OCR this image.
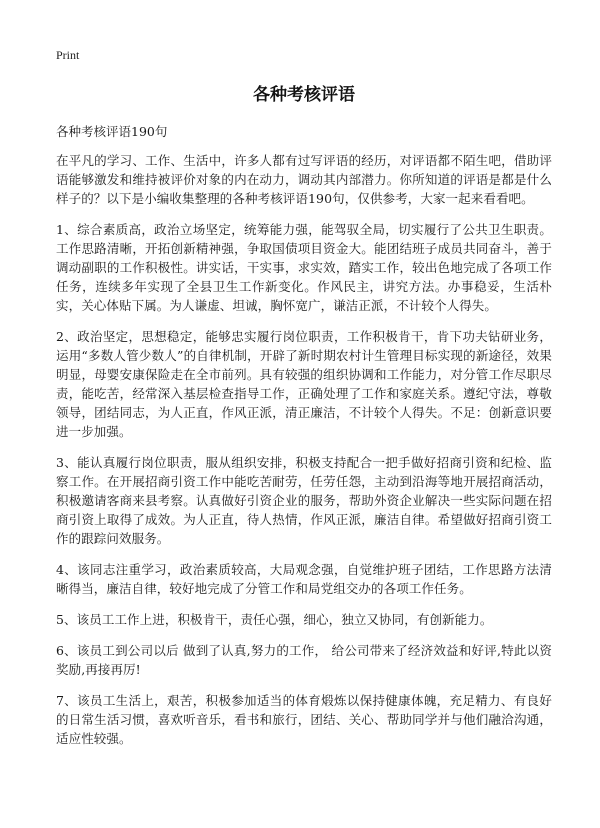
Print
各种考核评语

各种考核评语190句

在平凡的学习、工作、生活中，许多人都有过写评语的经历，对评语都不陌生吧，借助评语能够激发和维持被评价对象的内在动力，调动其内部潜力。你所知道的评语是都是什么样子的？以下是小编收集整理的各种考核评语190句，仅供参考，大家一起来看看吧。

1、综合素质高，政治立场坚定，统筹能力强，能驾驭全局，切实履行了公共卫生职责。工作思路清晰，开拓创新精神强，争取国债项目资金大。能团结班子成员共同奋斗，善于调动副职的工作积极性。讲实话，干实事，求实效，踏实工作，较出色地完成了各项工作任务，连续多年实现了全县卫生工作新变化。作风民主，讲究方法。办事稳妥，生活朴实，关心体贴下属。为人谦虚、坦诚，胸怀宽广，谦洁正派，不计较个人得失。

2、政治坚定，思想稳定，能够忠实履行岗位职责，工作积极肯干，肯下功夫钻研业务，运用“多数人管少数人”的自律机制，开辟了新时期农村计生管理目标实现的新途径，效果明显，母婴安康保险走在全市前列。具有较强的组织协调和工作能力，对分管工作尽职尽责，能吃苦，经常深入基层检查指导工作，正确处理了工作和家庭关系。遵纪守法，尊敬领导，团结同志，为人正直，作风正派，清正廉洁，不计较个人得失。不足：创新意识要进一步加强。

3、能认真履行岗位职责，服从组织安排，积极支持配合一把手做好招商引资和纪检、监察工作。在开展招商引资工作中能吃苦耐劳，任劳任怨，主动到沿海等地开展招商活动，积极邀请客商来县考察。认真做好引资企业的服务，帮助外资企业解决一些实际问题在招商引资上取得了成效。为人正直，待人热情，作风正派，廉洁自律。希望做好招商引资工作的跟踪问效服务。

4、该同志注重学习，政治素质较高，大局观念强，自觉维护班子团结，工作思路方法清晰得当，廉洁自律，较好地完成了分管工作和局党组交办的各项工作任务。

5、该员工工作上进，积极肯干，责任心强，细心，独立又协同，有创新能力。

6、该员工到公司以后 做到了认真,努力的工作， 给公司带来了经济效益和好评,特此以资奖励,再接再厉!

7、该员工生活上，艰苦，积极参加适当的体育煅炼以保持健康体魄，充足精力、有良好的日常生活习惯，喜欢听音乐，看书和旅行，团结、关心、帮助同学并与他们融洽沟通，适应性较强。
